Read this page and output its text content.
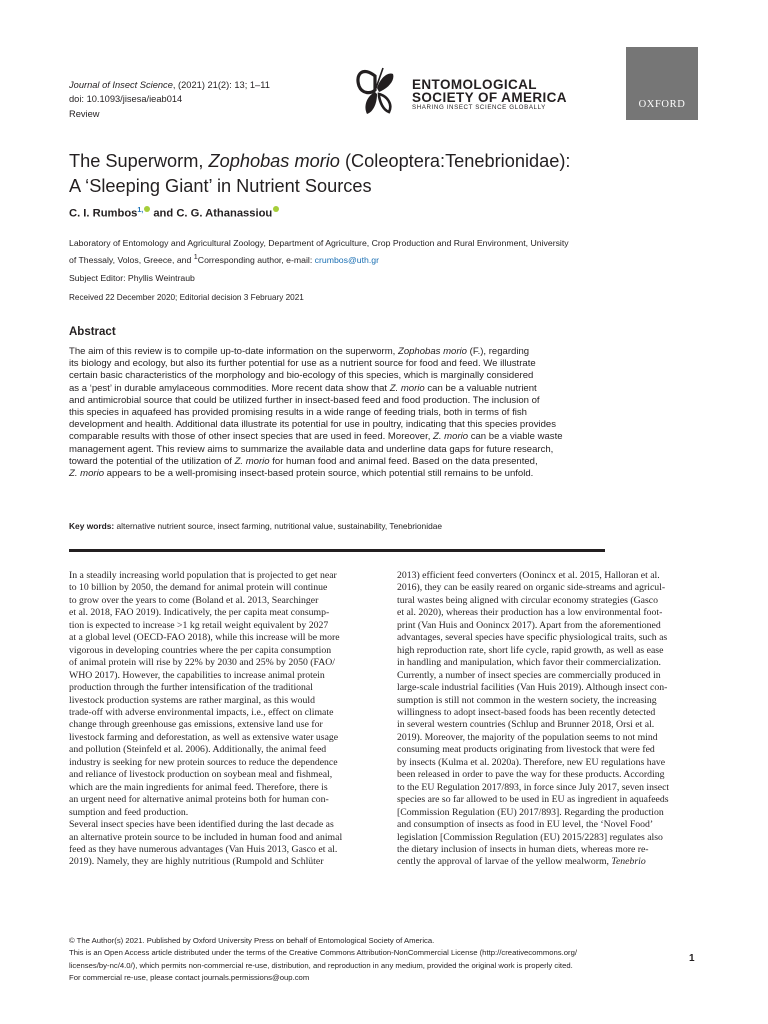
Journal of Insect Science, (2021) 21(2): 13; 1–11
doi: 10.1093/jisesa/ieab014
Review
ENTOMOLOGICAL
SOCIETY OF AMERICA
SHARING INSECT SCIENCE GLOBALLY	OXFORD
The Superworm, Zophobas morio (Coleoptera:Tenebrionidae):
A ‘Sleeping Giant’ in Nutrient Sources
C. I. Rumbos$^{1,}$ and C. G. Athanassiou
Laboratory of Entomology and Agricultural Zoology, Department of Agriculture, Crop Production and Rural Environment, University
of Thessaly, Volos, Greece, and $^1$Corresponding author, e-mail: crumbos@uth.gr
Subject Editor: Phyllis Weintraub
Received 22 December 2020; Editorial decision 3 February 2021
Abstract
The aim of this review is to compile up-to-date information on the superworm, Zophobas morio (F.), regarding
its biology and ecology, but also its further potential for use as a nutrient source for food and feed. We illustrate
certain basic characteristics of the morphology and bio-ecology of this species, which is marginally considered
as a ‘pest’ in durable amylaceous commodities. More recent data show that Z. morio can be a valuable nutrient
and antimicrobial source that could be utilized further in insect-based feed and food production. The inclusion of
this species in aquafeed has provided promising results in a wide range of feeding trials, both in terms of fish
development and health. Additional data illustrate its potential for use in poultry, indicating that this species provides
comparable results with those of other insect species that are used in feed. Moreover, Z. morio can be a viable waste
management agent. This review aims to summarize the available data and underline data gaps for future research,
toward the potential of the utilization of Z. morio for human food and animal feed. Based on the data presented,
Z. morio appears to be a well-promising insect-based protein source, which potential still remains to be unfold.
Key words: alternative nutrient source, insect farming, nutritional value, sustainability, Tenebrionidae
In a steadily increasing world population that is projected to get near
to 10 billion by 2050, the demand for animal protein will continue
to grow over the years to come (Boland et al. 2013, Searchinger
et al. 2018, FAO 2019). Indicatively, the per capita meat consump-
tion is expected to increase >1 kg retail weight equivalent by 2027
at a global level (OECD-FAO 2018), while this increase will be more
vigorous in developing countries where the per capita consumption
of animal protein will rise by 22% by 2030 and 25% by 2050 (FAO/
WHO 2017). However, the capabilities to increase animal protein
production through the further intensification of the traditional
livestock production systems are rather marginal, as this would
trade-off with adverse environmental impacts, i.e., effect on climate
change through greenhouse gas emissions, extensive land use for
livestock farming and deforestation, as well as extensive water usage
and pollution (Steinfeld et al. 2006). Additionally, the animal feed
industry is seeking for new protein sources to reduce the dependence
and reliance of livestock production on soybean meal and fishmeal,
which are the main ingredients for animal feed. Therefore, there is
an urgent need for alternative animal proteins both for human con-
sumption and feed production.
Several insect species have been identified during the last decade as
an alternative protein source to be included in human food and animal
feed as they have numerous advantages (Van Huis 2013, Gasco et al.
2019). Namely, they are highly nutritious (Rumpold and Schlüter
2013) efficient feed converters (Oonincx et al. 2015, Halloran et al.
2016), they can be easily reared on organic side-streams and agricul-
tural wastes being aligned with circular economy strategies (Gasco
et al. 2020), whereas their production has a low environmental foot-
print (Van Huis and Oonincx 2017). Apart from the aforementioned
advantages, several species have specific physiological traits, such as
high reproduction rate, short life cycle, rapid growth, as well as ease
in handling and manipulation, which favor their commercialization.
Currently, a number of insect species are commercially produced in
large-scale industrial facilities (Van Huis 2019). Although insect con-
sumption is still not common in the western society, the increasing
willingness to adopt insect-based foods has been recently detected
in several western countries (Schlup and Brunner 2018, Orsi et al.
2019). Moreover, the majority of the population seems to not mind
consuming meat products originating from livestock that were fed
by insects (Kulma et al. 2020a). Therefore, new EU regulations have
been released in order to pave the way for these products. According
to the EU Regulation 2017/893, in force since July 2017, seven insect
species are so far allowed to be used in EU as ingredient in aquafeeds
[Commission Regulation (EU) 2017/893]. Regarding the production
and consumption of insects as food in EU level, the ‘Novel Food’
legislation [Commission Regulation (EU) 2015/2283] regulates also
the dietary inclusion of insects in human diets, whereas more re-
cently the approval of larvae of the yellow mealworm, Tenebrio
© The Author(s) 2021. Published by Oxford University Press on behalf of Entomological Society of America.
This is an Open Access article distributed under the terms of the Creative Commons Attribution-NonCommercial License (http://creativecommons.org/
licenses/by-nc/4.0/), which permits non-commercial re-use, distribution, and reproduction in any medium, provided the original work is properly cited.
For commercial re-use, please contact journals.permissions@oup.com
1
